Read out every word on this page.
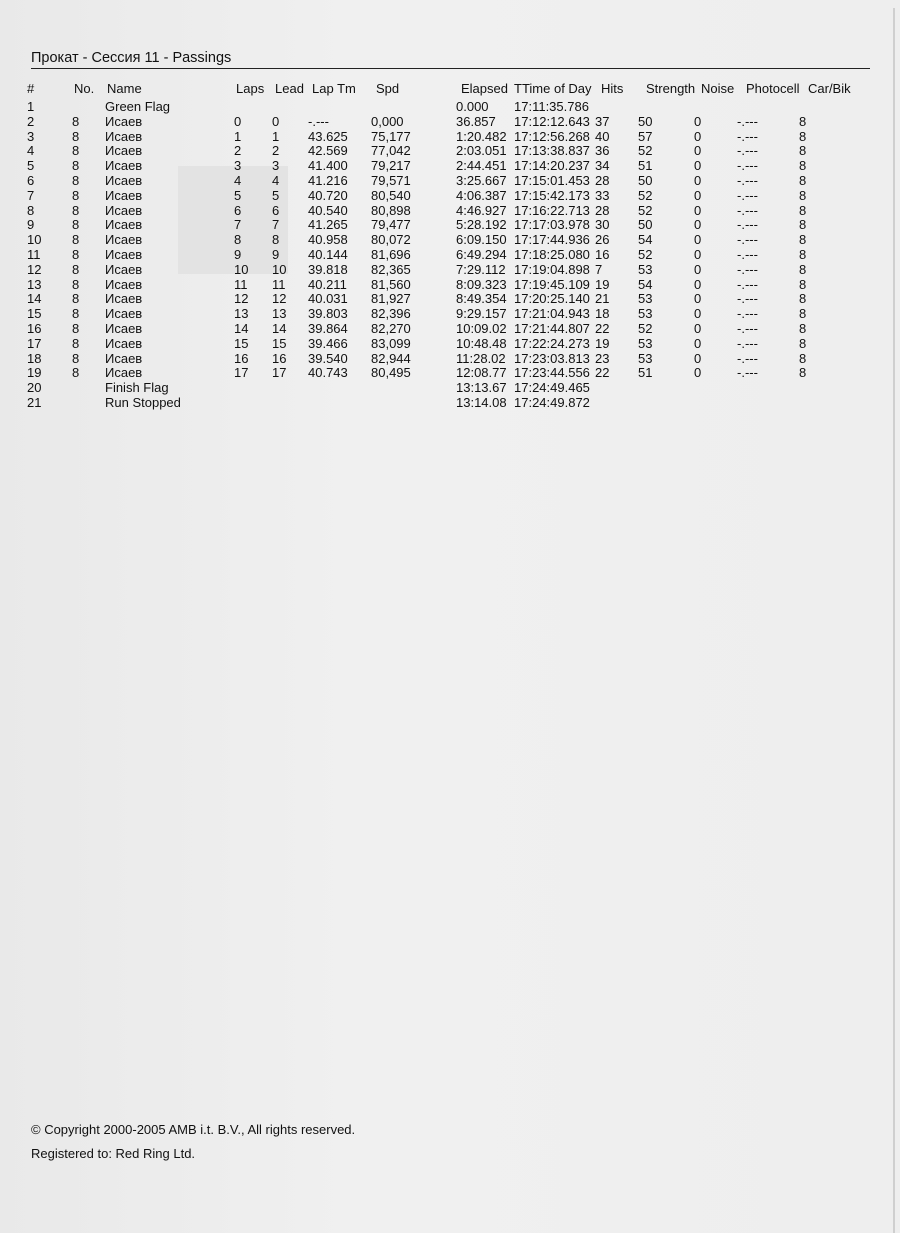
Прокат - Сессия 11 - Passings
#	No. Name	Laps Lead Lap Tm	Spd	Elapsed TTime of Day Hits	Strength Noise Photocell Car/Bik
1	Green Flag	0.000	17:11:35.786
2	8	Исаев	0	0	-.---	0,000	36.857	17:12:12.643 37	50	0	-.---	8
3	8	Исаев	1	1	43.625	75,177	1:20.482 17:12:56.268 40	57	0	-.---	8
4	8	Исаев	2	2	42.569	77,042	2:03.051 17:13:38.837 36	52	0	-.---	8
5	8	Исаев	3	3	41.400	79,217	2:44.451 17:14:20.237 34	51	0	-.---	8
6	8	Исаев	4	4	41.216	79,571	3:25.667 17:15:01.453 28	50	0	-.---	8
7	8	Исаев	5	5	40.720	80,540	4:06.387 17:15:42.173 33	52	0	-.---	8
8	8	Исаев	6	6	40.540	80,898	4:46.927 17:16:22.713 28	52	0	-.---	8
9	8	Исаев	7	7	41.265	79,477	5:28.192 17:17:03.978 30	50	0	-.---	8
10	8	Исаев	8	8	40.958	80,072	6:09.150 17:17:44.936 26	54	0	-.---	8
11	8	Исаев	9	9	40.144	81,696	6:49.294 17:18:25.080 16	52	0	-.---	8
12	8	Исаев	10	10	39.818	82,365	7:29.112 17:19:04.898 7	53	0	-.---	8
13	8	Исаев	11	11	40.211	81,560	8:09.323 17:19:45.109 19	54	0	-.---	8
14	8	Исаев	12	12	40.031	81,927	8:49.354 17:20:25.140 21	53	0	-.---	8
15	8	Исаев	13	13	39.803	82,396	9:29.157 17:21:04.943 18	53	0	-.---	8
16	8	Исаев	14	14	39.864	82,270	10:09.02 17:21:44.807 22	52	0	-.---	8
17	8	Исаев	15	15	39.466	83,099	10:48.48 17:22:24.273 19	53	0	-.---	8
18	8	Исаев	16	16	39.540	82,944	11:28.02 17:23:03.813 23	53	0	-.---	8
19	8	Исаев	17	17	40.743	80,495	12:08.77 17:23:44.556 22	51	0	-.---	8
20	Finish Flag	13:13.67 17:24:49.465
21	Run Stopped	13:14.08 17:24:49.872
© Copyright 2000-2005 AMB i.t. B.V., All rights reserved.
Registered to: Red Ring Ltd.
